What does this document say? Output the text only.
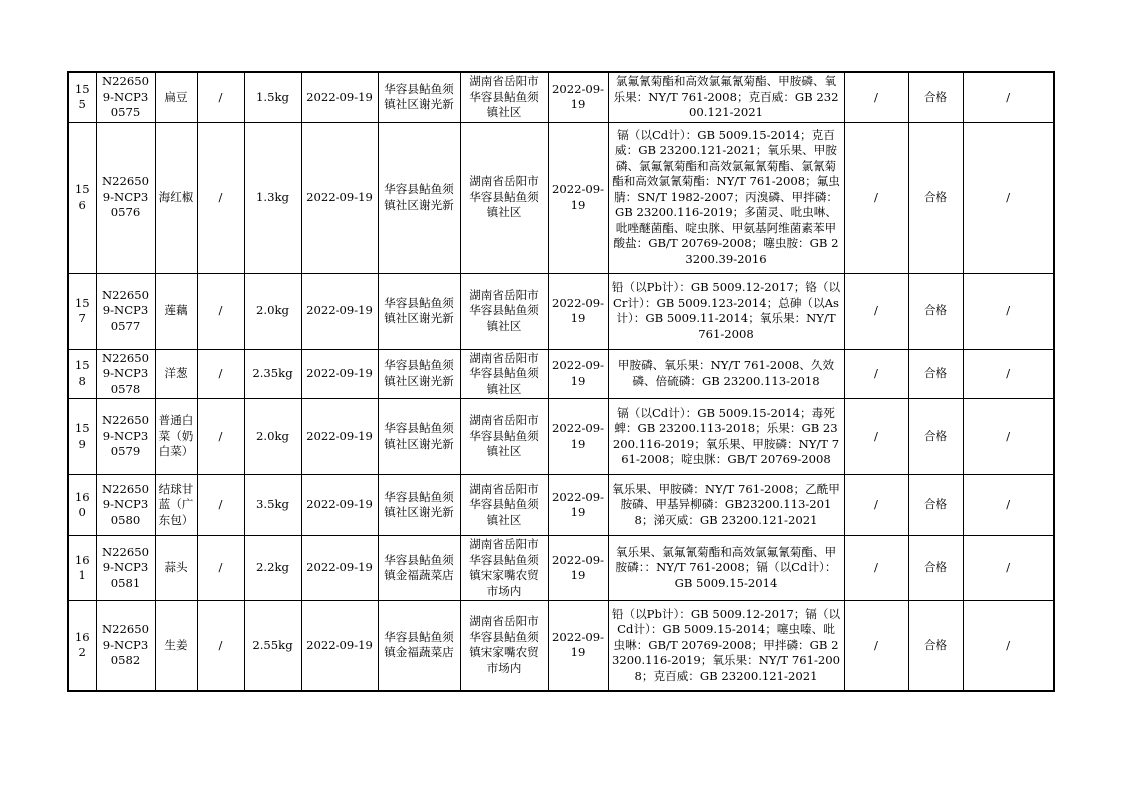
155	N226509-NCP30575	扁豆	/	1.5kg	2022-09-19	华容县鲇鱼须镇社区谢光新	湖南省岳阳市华容县鲇鱼须镇社区	2022-09-19	氯氟氰菊酯和高效氯氟氰菊酯、甲胺磷、氧乐果：NY/T 761-2008；克百威：GB 23200.121-2021	/	合格	/
156	N226509-NCP30576	海红椒	/	1.3kg	2022-09-19	华容县鲇鱼须镇社区谢光新	湖南省岳阳市华容县鲇鱼须镇社区	2022-09-19	镉（以Cd计）：GB 5009.15-2014；克百威：GB 23200.121-2021；氧乐果、甲胺磷、氯氟氰菊酯和高效氯氟氰菊酯、氯氰菊酯和高效氯氰菊酯：NY/T 761-2008；氟虫腈：SN/T 1982-2007；丙溴磷、甲拌磷：GB 23200.116-2019；多菌灵、吡虫啉、吡唑醚菌酯、啶虫脒、甲氨基阿维菌素苯甲酸盐：GB/T 20769-2008；噻虫胺：GB 23200.39-2016	/	合格	/
157	N226509-NCP30577	莲藕	/	2.0kg	2022-09-19	华容县鲇鱼须镇社区谢光新	湖南省岳阳市华容县鲇鱼须镇社区	2022-09-19	铅（以Pb计）：GB 5009.12-2017；铬（以Cr计）：GB 5009.123-2014；总砷（以As计）：GB 5009.11-2014；氧乐果：NY/T 761-2008	/	合格	/
158	N226509-NCP30578	洋葱	/	2.35kg	2022-09-19	华容县鲇鱼须镇社区谢光新	湖南省岳阳市华容县鲇鱼须镇社区	2022-09-19	甲胺磷、氧乐果：NY/T 761-2008、久效磷、倍硫磷：GB 23200.113-2018	/	合格	/
159	N226509-NCP30579	普通白菜（奶白菜）	/	2.0kg	2022-09-19	华容县鲇鱼须镇社区谢光新	湖南省岳阳市华容县鲇鱼须镇社区	2022-09-19	镉（以Cd计）：GB 5009.15-2014；毒死蜱：GB 23200.113-2018；乐果：GB 23200.116-2019；氧乐果、甲胺磷：NY/T 761-2008；啶虫脒：GB/T 20769-2008	/	合格	/
160	N226509-NCP30580	结球甘蓝（广东包）	/	3.5kg	2022-09-19	华容县鲇鱼须镇社区谢光新	湖南省岳阳市华容县鲇鱼须镇社区	2022-09-19	氧乐果、甲胺磷：NY/T 761-2008；乙酰甲胺磷、甲基异柳磷：GB23200.113-2018；涕灭威：GB 23200.121-2021	/	合格	/
161	N226509-NCP30581	蒜头	/	2.2kg	2022-09-19	华容县鲇鱼须镇金福蔬菜店	湖南省岳阳市华容县鲇鱼须镇宋家嘴农贸市场内	2022-09-19	氧乐果、氯氟氰菊酯和高效氯氟氰菊酯、甲胺磷：：NY/T 761-2008；镉（以Cd计）：GB 5009.15-2014	/	合格	/
162	N226509-NCP30582	生姜	/	2.55kg	2022-09-19	华容县鲇鱼须镇金福蔬菜店	湖南省岳阳市华容县鲇鱼须镇宋家嘴农贸市场内	2022-09-19	铅（以Pb计）：GB 5009.12-2017；镉（以Cd计）：GB 5009.15-2014；噻虫嗪、吡虫啉：GB/T 20769-2008；甲拌磷：GB 23200.116-2019；氧乐果：NY/T 761-2008；克百威：GB 23200.121-2021	/	合格	/
